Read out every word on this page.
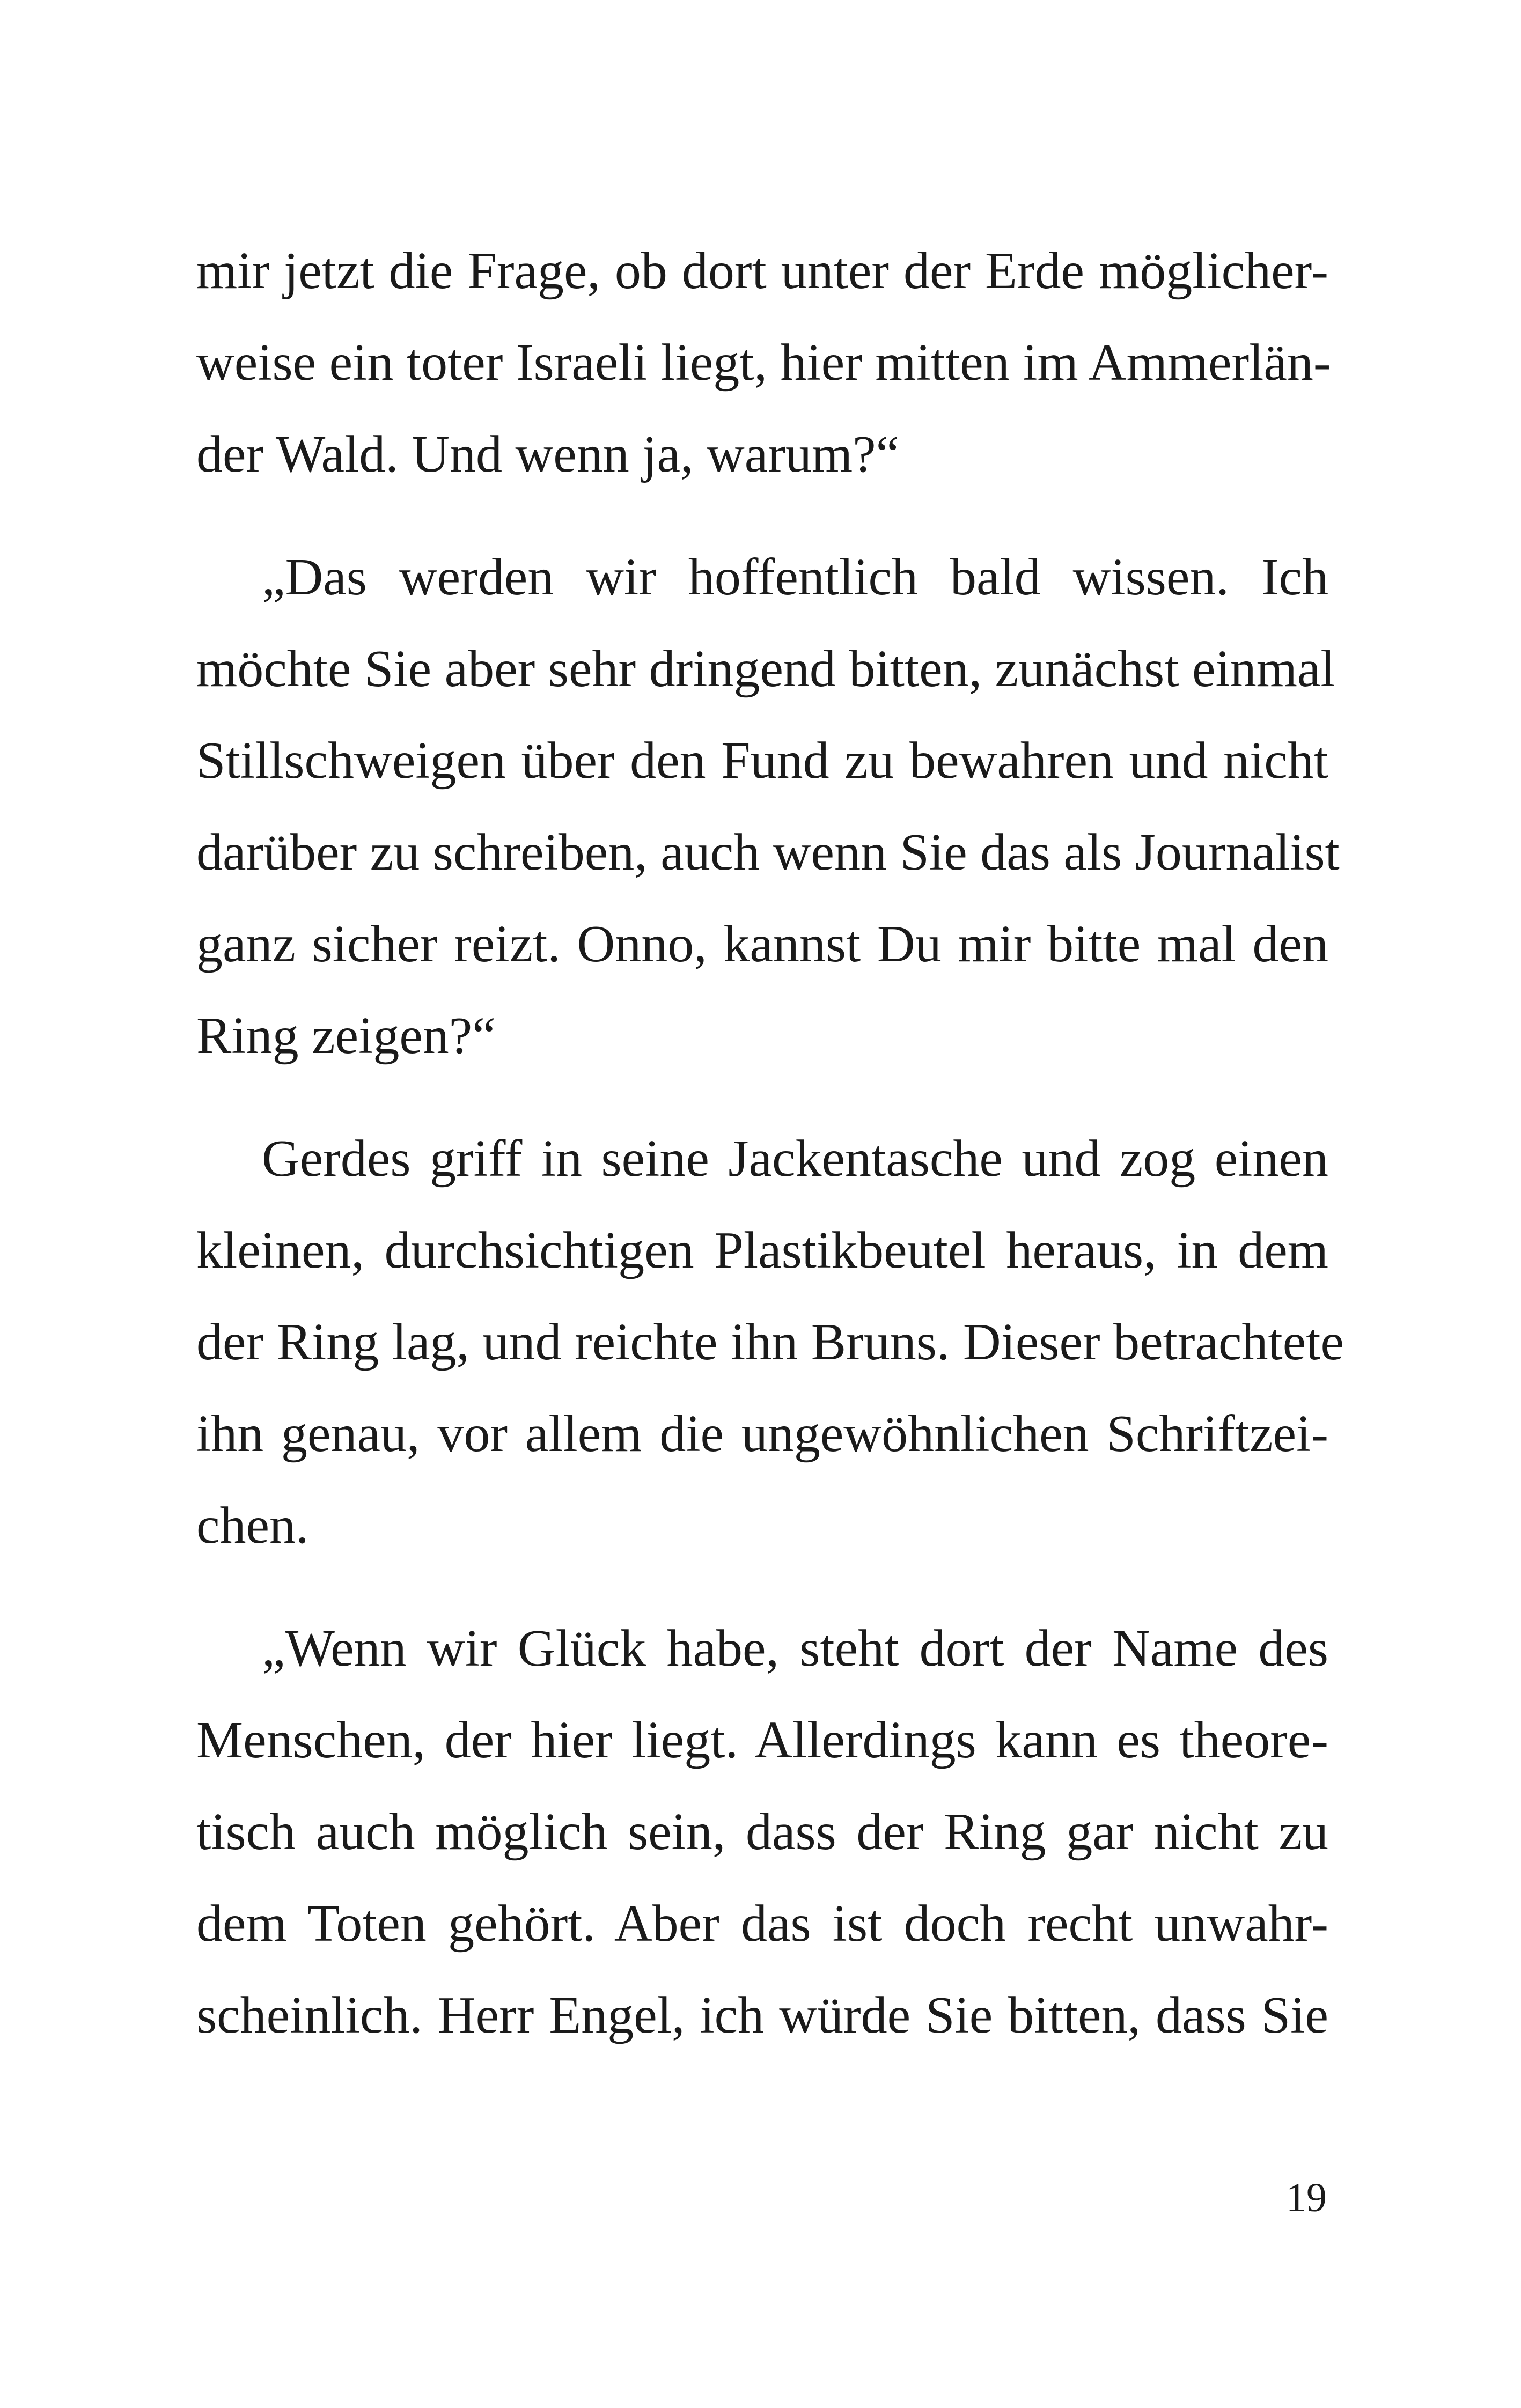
mir jetzt die Frage, ob dort unter der Erde möglicher-
weise ein toter Israeli liegt, hier mitten im Ammerlän-
der Wald. Und wenn ja, warum?“
„Das werden wir hoffentlich bald wissen. Ich
möchte Sie aber sehr dringend bitten, zunächst einmal
Stillschweigen über den Fund zu bewahren und nicht
darüber zu schreiben, auch wenn Sie das als Journalist
ganz sicher reizt. Onno, kannst Du mir bitte mal den
Ring zeigen?“
Gerdes griff in seine Jackentasche und zog einen
kleinen, durchsichtigen Plastikbeutel heraus, in dem
der Ring lag, und reichte ihn Bruns. Dieser betrachtete
ihn genau, vor allem die ungewöhnlichen Schriftzei-
chen.
„Wenn wir Glück habe, steht dort der Name des
Menschen, der hier liegt. Allerdings kann es theore-
tisch auch möglich sein, dass der Ring gar nicht zu
dem Toten gehört. Aber das ist doch recht unwahr-
scheinlich. Herr Engel, ich würde Sie bitten, dass Sie
19
